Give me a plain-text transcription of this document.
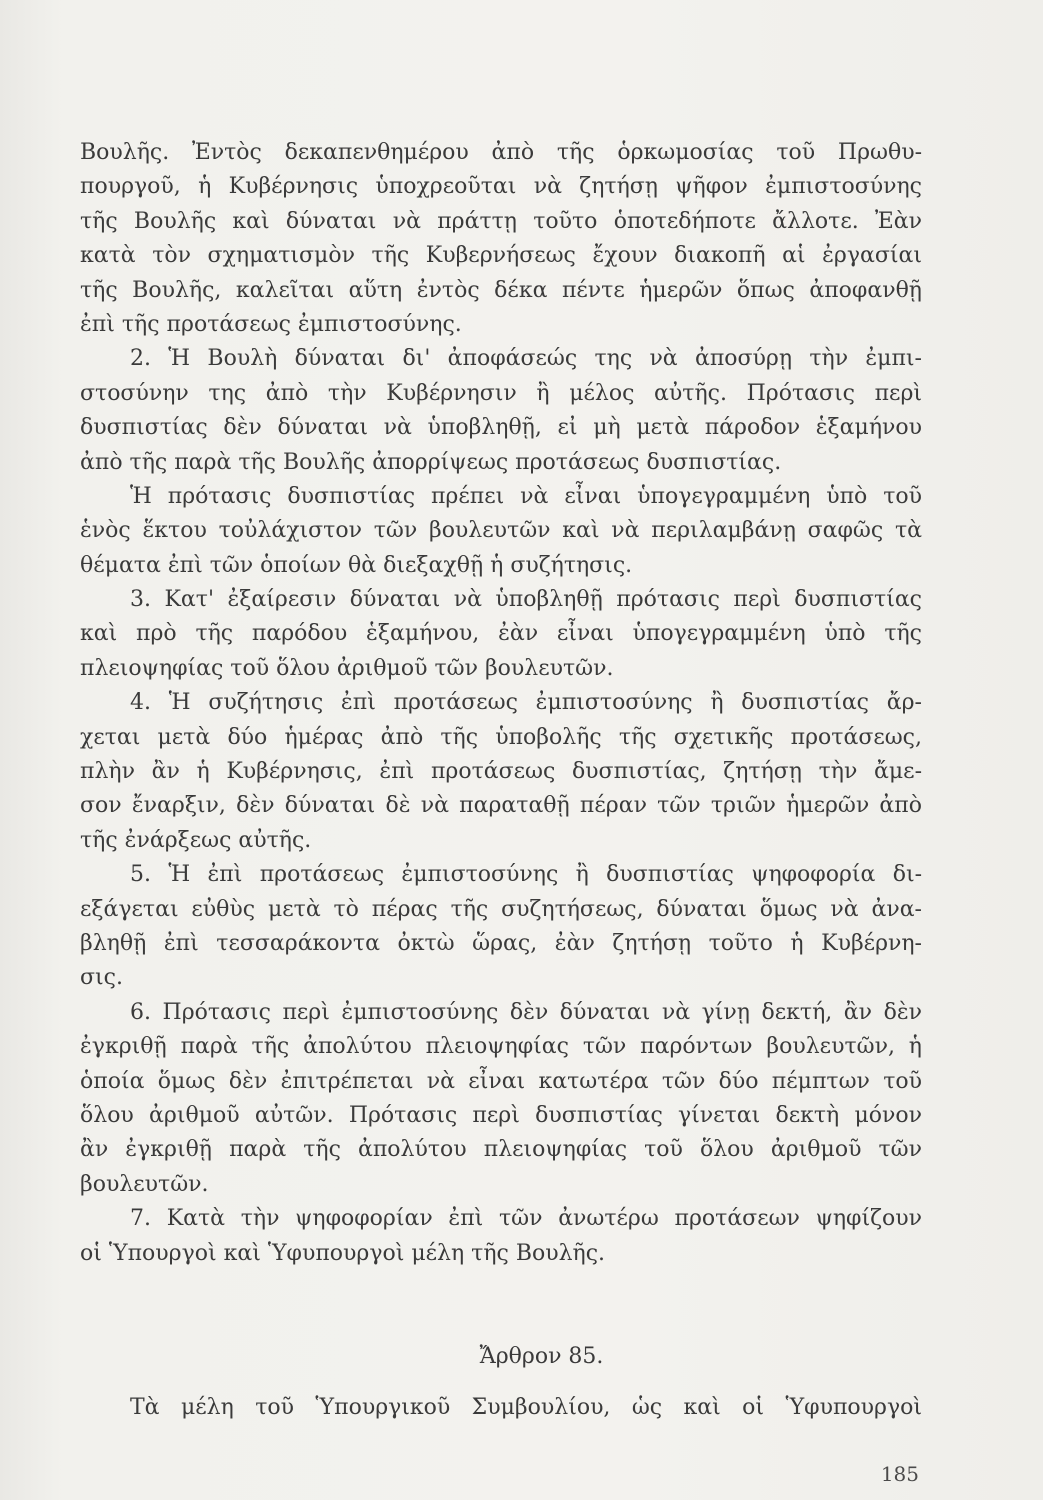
Βουλῆς. Ἐντὸς δεκαπενθημέρου ἀπὸ τῆς ὁρκωμοσίας τοῦ Πρωθυ-
πουργοῦ, ἡ Κυβέρνησις ὑποχρεοῦται νὰ ζητήσῃ ψῆφον ἐμπιστοσύνης
τῆς Βουλῆς καὶ δύναται νὰ πράττῃ τοῦτο ὁποτεδήποτε ἄλλοτε. Ἐὰν
κατὰ τὸν σχηματισμὸν τῆς Κυβερνήσεως ἔχουν διακοπῆ αἱ ἐργασίαι
τῆς Βουλῆς, καλεῖται αὕτη ἐντὸς δέκα πέντε ἡμερῶν ὅπως ἀποφανθῇ
ἐπὶ τῆς προτάσεως ἐμπιστοσύνης.
2. Ἡ Βουλὴ δύναται δι' ἀποφάσεώς της νὰ ἀποσύρῃ τὴν ἐμπι-
στοσύνην της ἀπὸ τὴν Κυβέρνησιν ἢ μέλος αὐτῆς. Πρότασις περὶ
δυσπιστίας δὲν δύναται νὰ ὑποβληθῇ, εἰ μὴ μετὰ πάροδον ἑξαμήνου
ἀπὸ τῆς παρὰ τῆς Βουλῆς ἀπορρίψεως προτάσεως δυσπιστίας.
Ἡ πρότασις δυσπιστίας πρέπει νὰ εἶναι ὑπογεγραμμένη ὑπὸ τοῦ
ἑνὸς ἕκτου τοὐλάχιστον τῶν βουλευτῶν καὶ νὰ περιλαμβάνῃ σαφῶς τὰ
θέματα ἐπὶ τῶν ὁποίων θὰ διεξαχθῇ ἡ συζήτησις.
3. Κατ' ἐξαίρεσιν δύναται νὰ ὑποβληθῇ πρότασις περὶ δυσπιστίας
καὶ πρὸ τῆς παρόδου ἑξαμήνου, ἐὰν εἶναι ὑπογεγραμμένη ὑπὸ τῆς
πλειοψηφίας τοῦ ὅλου ἀριθμοῦ τῶν βουλευτῶν.
4. Ἡ συζήτησις ἐπὶ προτάσεως ἐμπιστοσύνης ἢ δυσπιστίας ἄρ-
χεται μετὰ δύο ἡμέρας ἀπὸ τῆς ὑποβολῆς τῆς σχετικῆς προτάσεως,
πλὴν ἂν ἡ Κυβέρνησις, ἐπὶ προτάσεως δυσπιστίας, ζητήσῃ τὴν ἄμε-
σον ἔναρξιν, δὲν δύναται δὲ νὰ παραταθῇ πέραν τῶν τριῶν ἡμερῶν ἀπὸ
τῆς ἐνάρξεως αὐτῆς.
5. Ἡ ἐπὶ προτάσεως ἐμπιστοσύνης ἢ δυσπιστίας ψηφοφορία δι-
εξάγεται εὐθὺς μετὰ τὸ πέρας τῆς συζητήσεως, δύναται ὅμως νὰ ἀνα-
βληθῇ ἐπὶ τεσσαράκοντα ὀκτὼ ὥρας, ἐὰν ζητήσῃ τοῦτο ἡ Κυβέρνη-
σις.
6. Πρότασις περὶ ἐμπιστοσύνης δὲν δύναται νὰ γίνῃ δεκτή, ἂν δὲν
ἐγκριθῇ παρὰ τῆς ἀπολύτου πλειοψηφίας τῶν παρόντων βουλευτῶν, ἡ
ὁποία ὅμως δὲν ἐπιτρέπεται νὰ εἶναι κατωτέρα τῶν δύο πέμπτων τοῦ
ὅλου ἀριθμοῦ αὐτῶν. Πρότασις περὶ δυσπιστίας γίνεται δεκτὴ μόνον
ἂν ἐγκριθῇ παρὰ τῆς ἀπολύτου πλειοψηφίας τοῦ ὅλου ἀριθμοῦ τῶν
βουλευτῶν.
7. Κατὰ τὴν ψηφοφορίαν ἐπὶ τῶν ἀνωτέρω προτάσεων ψηφίζουν
οἱ Ὑπουργοὶ καὶ Ὑφυπουργοὶ μέλη τῆς Βουλῆς.
Ἄρθρον 85.
Τὰ μέλη τοῦ Ὑπουργικοῦ Συμβουλίου, ὡς καὶ οἱ Ὑφυπουργοὶ
185
